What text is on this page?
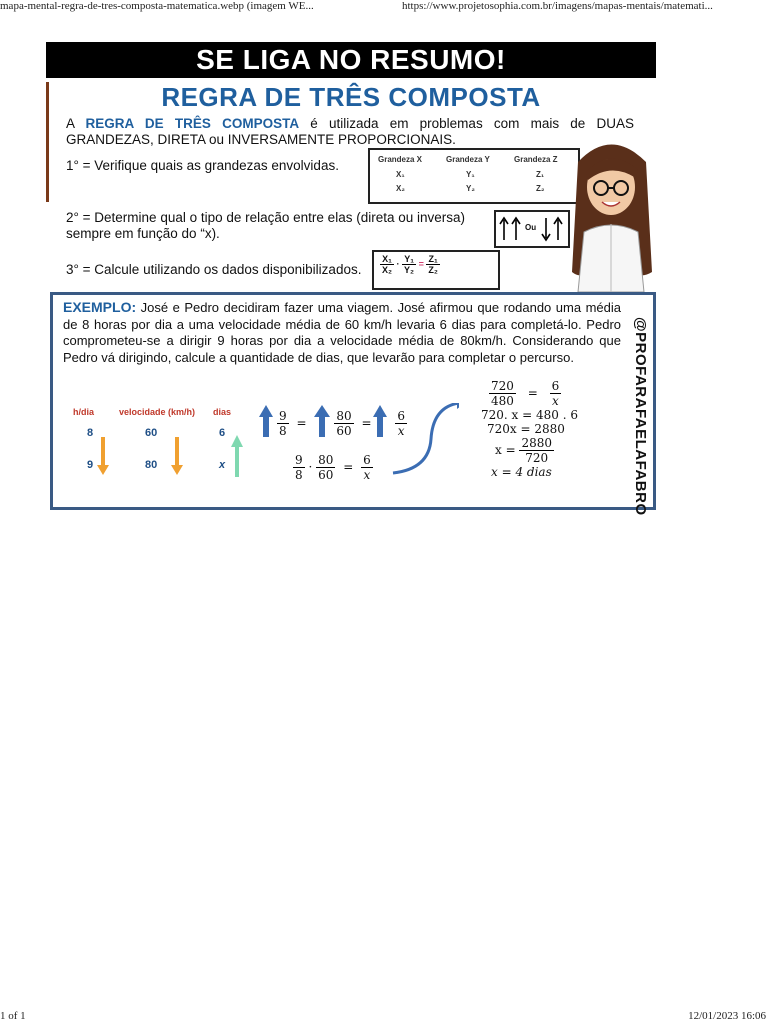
mapa-mental-regra-de-tres-composta-matematica.webp (imagem WE...	https://www.projetosophia.com.br/imagens/mapas-mentais/matemati...
SE LIGA NO RESUMO!
REGRA DE TRÊS COMPOSTA
A REGRA DE TRÊS COMPOSTA é utilizada em problemas com mais de DUAS GRANDEZAS, DIRETA ou INVERSAMENTE PROPORCIONAIS.
1° = Verifique quais as grandezas envolvidas.
2° = Determine qual o tipo de relação entre elas (direta ou inversa) sempre em função do “x).
3° = Calcule utilizando os dados disponibilizados.
Grandeza X	Grandeza Y	Grandeza Z
X₁	Y₁	Z₁
X₂	Y₂	Z₂
Ou
$\frac{\text{X₁}}{\text{X₂}} \cdot \frac{\text{Y₁}}{\text{Y₂}} = \frac{\text{Z₁}}{\text{Z₂}}$
EXEMPLO: José e Pedro decidiram fazer uma viagem. José afirmou que rodando uma média de 8 horas por dia a uma velocidade média de 60 km/h levaria 6 dias para completá-lo. Pedro comprometeu-se a dirigir 9 horas por dia a velocidade média de 80km/h. Considerando que Pedro vá dirigindo, calcule a quantidade de dias, que levarão para completar o percurso.	@PROFARAFAELAFABRO
h/dia	velocidade (km/h) dias
8	60	6
9	80	x
$\frac{9}{8} = \frac{80}{60} = \frac{6}{x}$
$\frac{9}{8} \cdot \frac{80}{60} = \frac{6}{x}$
$\frac{720}{480} = \frac{6}{x}$
720. x = 480 . 6
720x = 2880
$x = \frac{2880}{720}$
x = 4 dias
1 of 1	12/01/2023 16:06
